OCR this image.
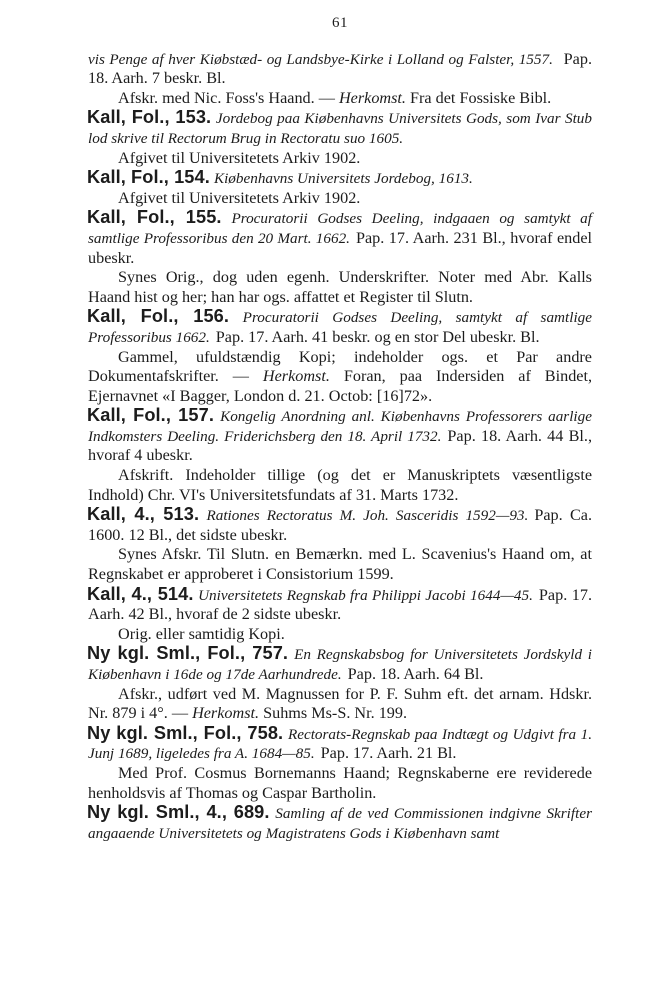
61

vis Penge af hver Kiøbstæd- og Landsbye-Kirke i Lolland og Falster, 1557. Pap. 18. Aarh. 7 beskr. Bl.

Afskr. med Nic. Foss's Haand. — Herkomst. Fra det Fossiske Bibl.

Kall, Fol., 153. Jordebog paa Kiøbenhavns Universitets Gods, som Ivar Stub lod skrive til Rectorum Brug in Rectoratu suo 1605.

Afgivet til Universitetets Arkiv 1902.

Kall, Fol., 154. Kiøbenhavns Universitets Jordebog, 1613.

Afgivet til Universitetets Arkiv 1902.

Kall, Fol., 155. Procuratorii Godses Deeling, indgaaen og samtykt af samtlige Professoribus den 20 Mart. 1662. Pap. 17. Aarh. 231 Bl., hvoraf endel ubeskr.

Synes Orig., dog uden egenh. Underskrifter. Noter med Abr. Kalls Haand hist og her; han har ogs. affattet et Register til Slutn.

Kall, Fol., 156. Procuratorii Godses Deeling, samtykt af samtlige Professoribus 1662. Pap. 17. Aarh. 41 beskr. og en stor Del ubeskr. Bl.

Gammel, ufuldstændig Kopi; indeholder ogs. et Par andre Dokumentafskrifter. — Herkomst. Foran, paa Indersiden af Bindet, Ejernavnet «I Bagger, London d. 21. Octob: [16]72».

Kall, Fol., 157. Kongelig Anordning anl. Kiøbenhavns Professorers aarlige Indkomsters Deeling. Friderichsberg den 18. April 1732. Pap. 18. Aarh. 44 Bl., hvoraf 4 ubeskr.

Afskrift. Indeholder tillige (og det er Manuskriptets væsentligste Indhold) Chr. VI's Universitetsfundats af 31. Marts 1732.

Kall, 4., 513. Rationes Rectoratus M. Joh. Sasceridis 1592—93. Pap. Ca. 1600. 12 Bl., det sidste ubeskr.

Synes Afskr. Til Slutn. en Bemærkn. med L. Scavenius's Haand om, at Regnskabet er approberet i Consistorium 1599.

Kall, 4., 514. Universitetets Regnskab fra Philippi Jacobi 1644—45. Pap. 17. Aarh. 42 Bl., hvoraf de 2 sidste ubeskr.

Orig. eller samtidig Kopi.

Ny kgl. Sml., Fol., 757. En Regnskabsbog for Universitetets Jordskyld i Kiøbenhavn i 16de og 17de Aarhundrede. Pap. 18. Aarh. 64 Bl.

Afskr., udført ved M. Magnussen for P. F. Suhm eft. det arnam. Hdskr. Nr. 879 i 4°. — Herkomst. Suhms Ms-S. Nr. 199.

Ny kgl. Sml., Fol., 758. Rectorats-Regnskab paa Indtægt og Udgivt fra 1. Junj 1689, ligeledes fra A. 1684—85. Pap. 17. Aarh. 21 Bl.

Med Prof. Cosmus Bornemanns Haand; Regnskaberne ere reviderede henholdsvis af Thomas og Caspar Bartholin.

Ny kgl. Sml., 4., 689. Samling af de ved Commissionen indgivne Skrifter angaaende Universitetets og Magistratens Gods i Kiøbenhavn samt
